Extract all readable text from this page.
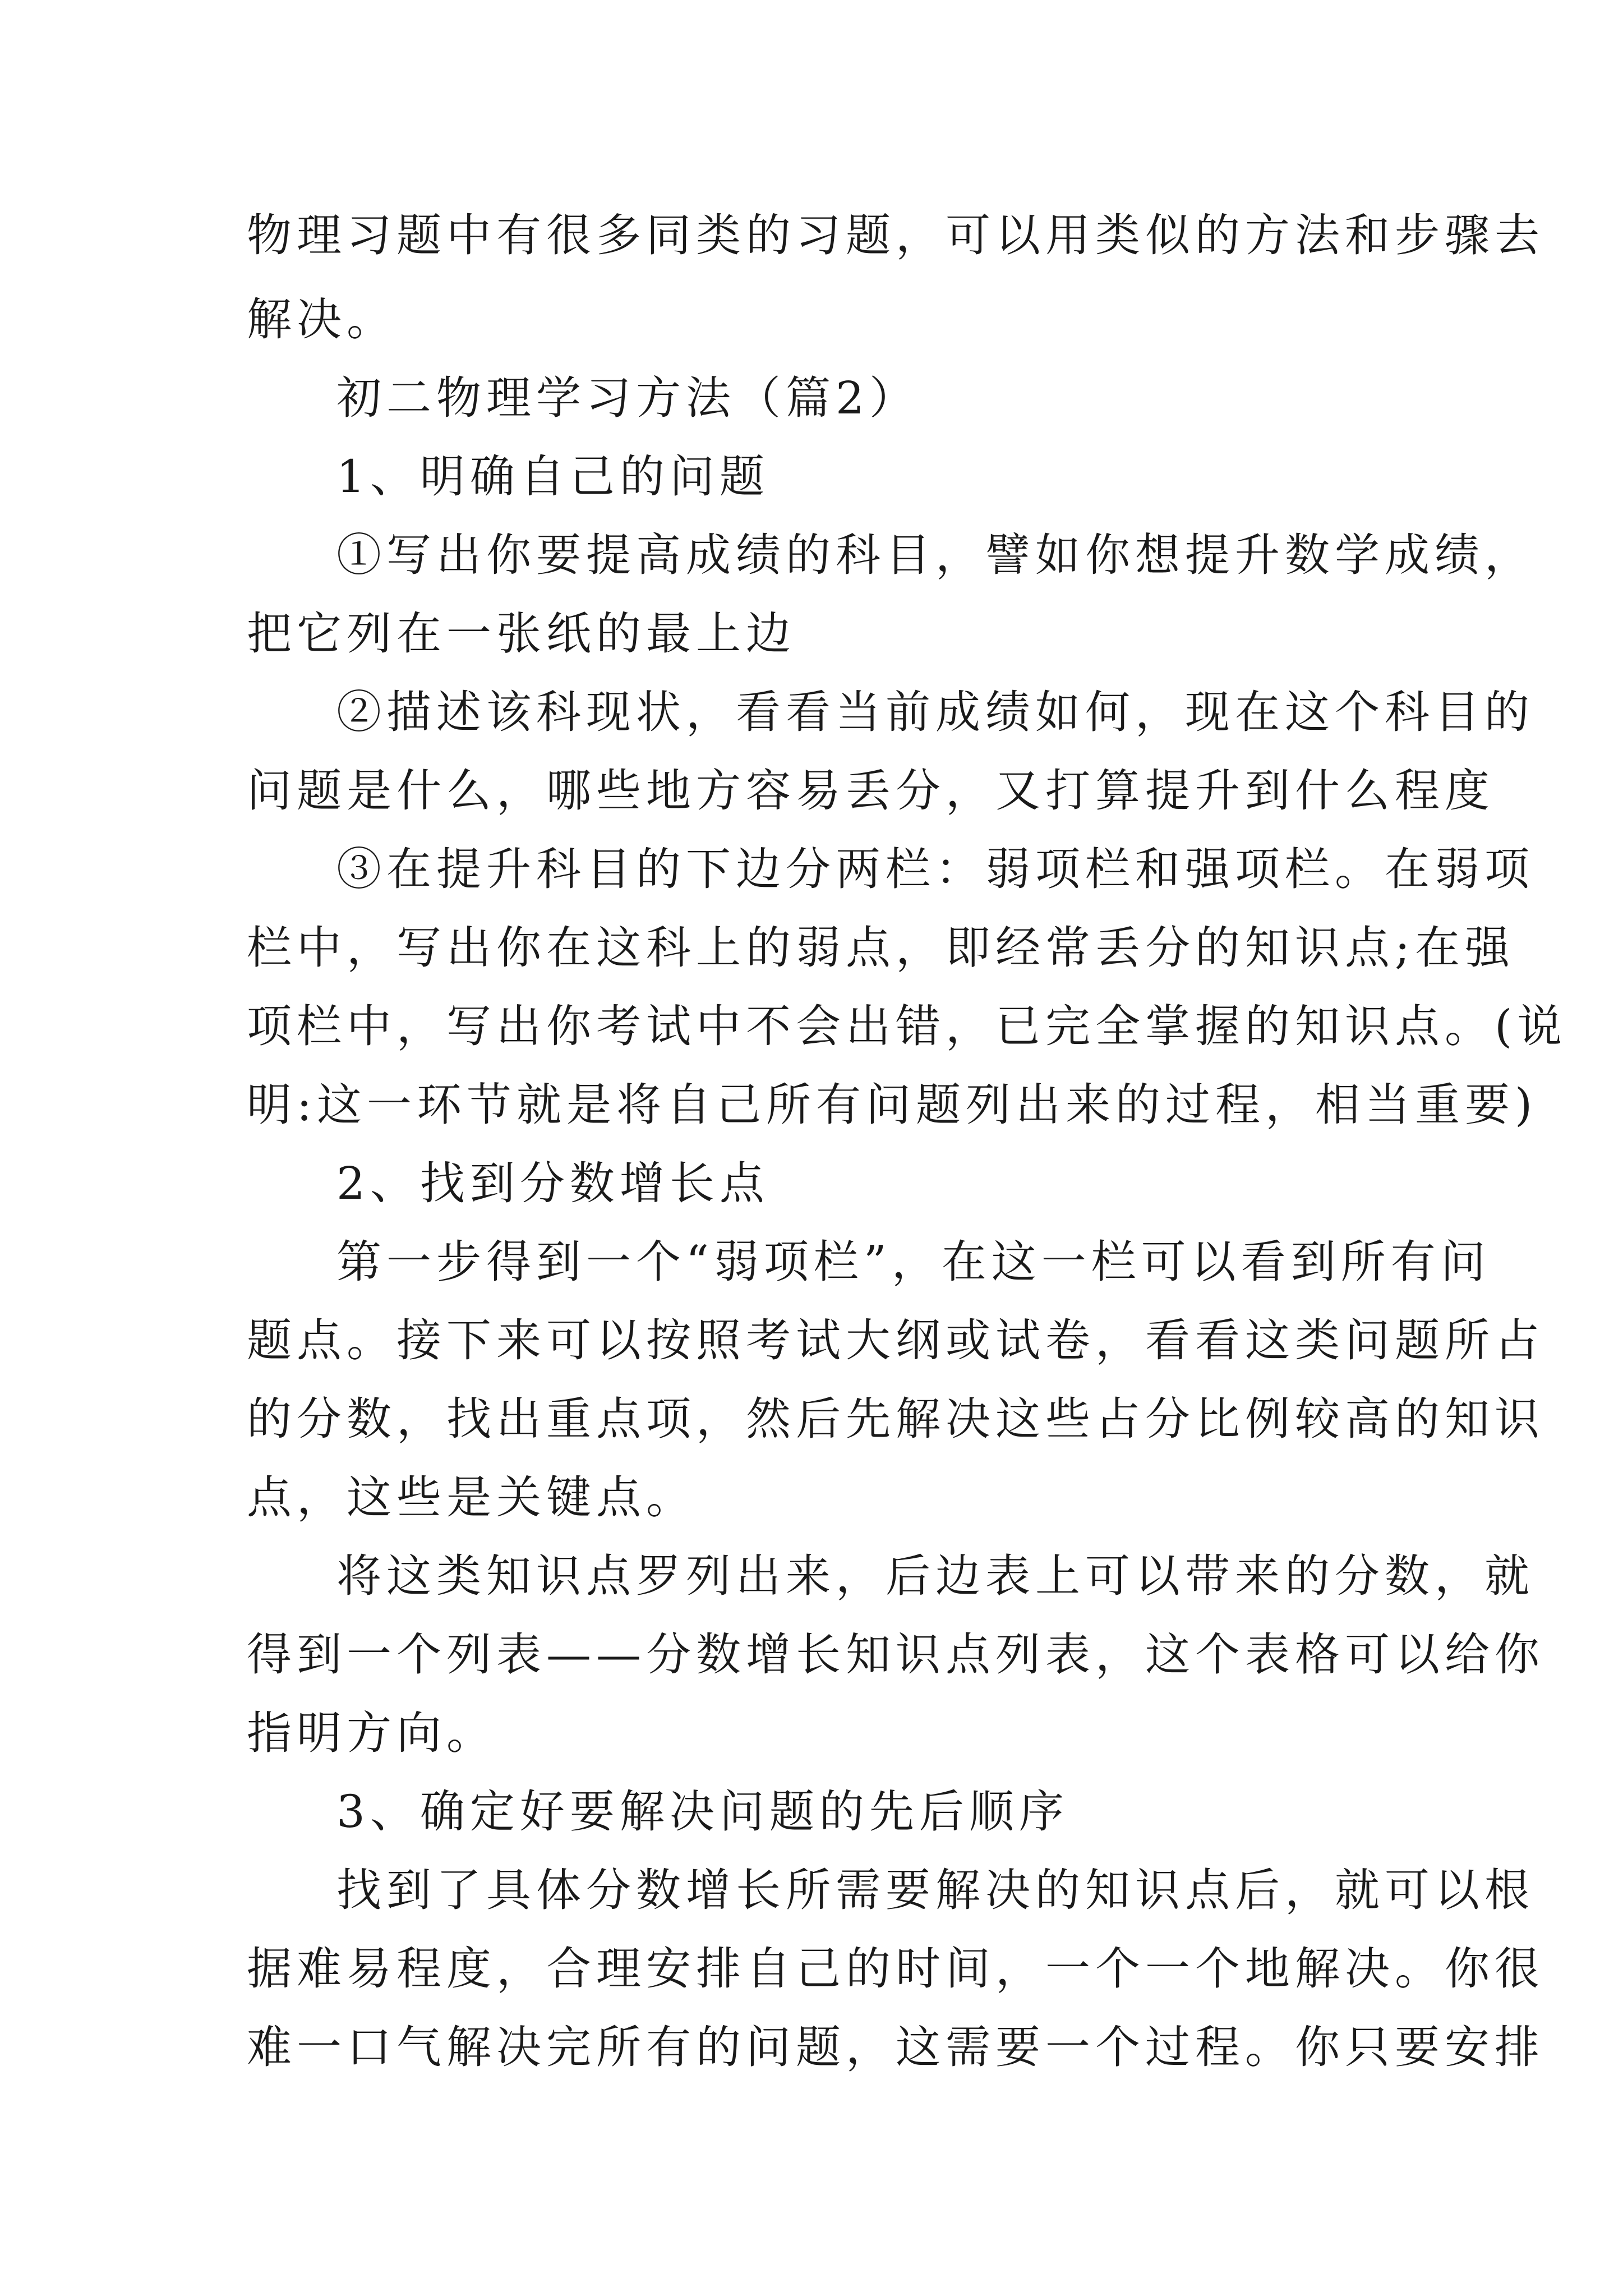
物理习题中有很多同类的习题，可以用类似的方法和步骤去
解决。
初二物理学习方法（篇2）
1、明确自己的问题
①写出你要提高成绩的科目，譬如你想提升数学成绩，
把它列在一张纸的最上边
②描述该科现状，看看当前成绩如何，现在这个科目的
问题是什么，哪些地方容易丢分，又打算提升到什么程度
③在提升科目的下边分两栏：弱项栏和强项栏。在弱项
栏中，写出你在这科上的弱点，即经常丢分的知识点;在强
项栏中，写出你考试中不会出错，已完全掌握的知识点。(说
明:这一环节就是将自己所有问题列出来的过程，相当重要)
2、找到分数增长点
第一步得到一个“弱项栏”，在这一栏可以看到所有问
题点。接下来可以按照考试大纲或试卷，看看这类问题所占
的分数，找出重点项，然后先解决这些占分比例较高的知识
点，这些是关键点。
将这类知识点罗列出来，后边表上可以带来的分数，就
得到一个列表——分数增长知识点列表，这个表格可以给你
指明方向。
3、确定好要解决问题的先后顺序
找到了具体分数增长所需要解决的知识点后，就可以根
据难易程度，合理安排自己的时间，一个一个地解决。你很
难一口气解决完所有的问题，这需要一个过程。你只要安排
